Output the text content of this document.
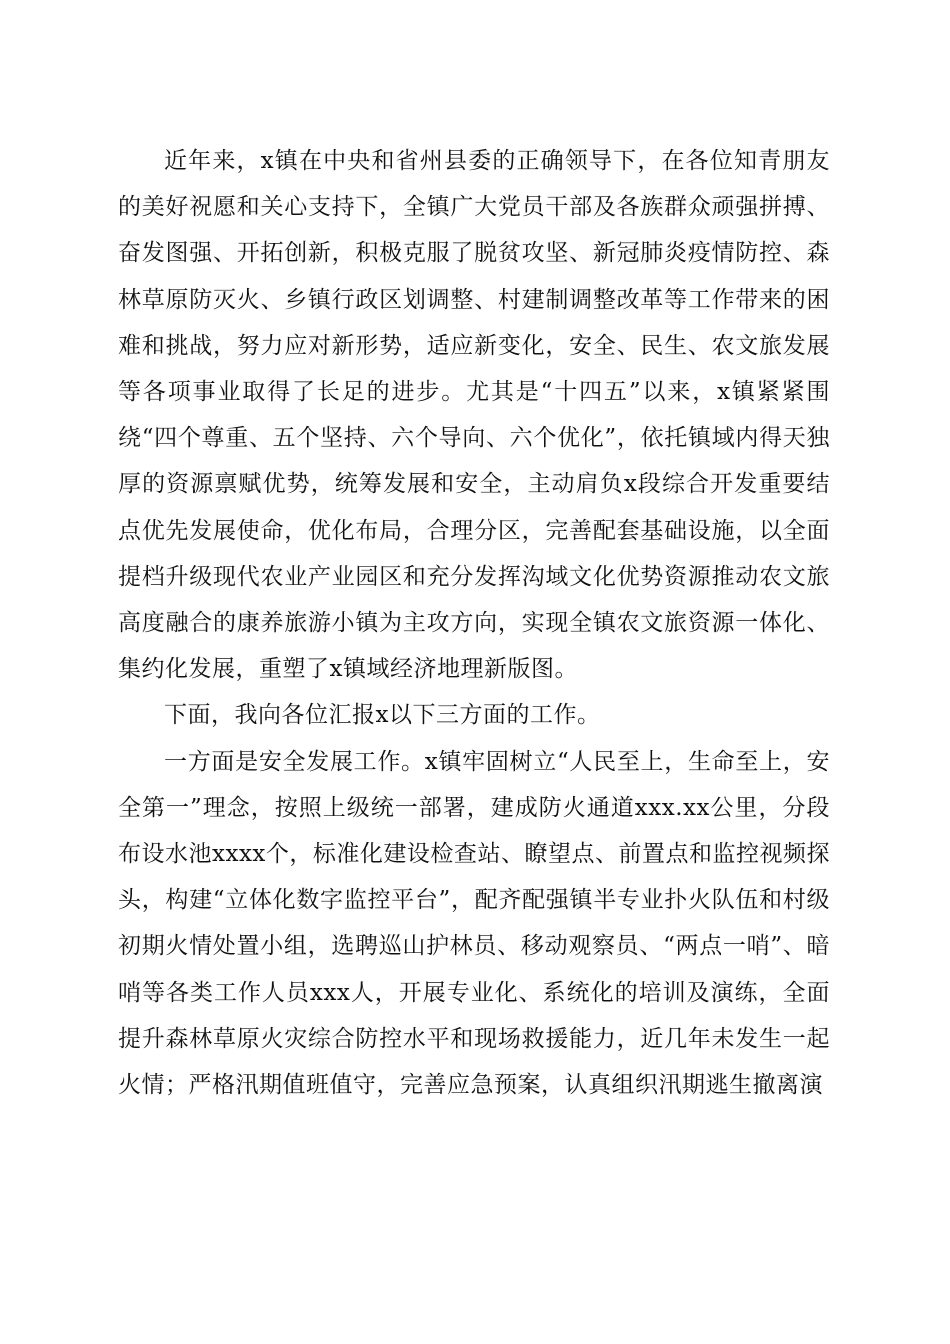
近年来，x镇在中央和省州县委的正确领导下，在各位知青朋友的美好祝愿和关心支持下，全镇广大党员干部及各族群众顽强拼搏、奋发图强、开拓创新，积极克服了脱贫攻坚、新冠肺炎疫情防控、森林草原防灭火、乡镇行政区划调整、村建制调整改革等工作带来的困难和挑战，努力应对新形势，适应新变化，安全、民生、农文旅发展等各项事业取得了长足的进步。尤其是“十四五”以来，x镇紧紧围绕“四个尊重、五个坚持、六个导向、六个优化”，依托镇域内得天独厚的资源禀赋优势，统筹发展和安全，主动肩负x段综合开发重要结点优先发展使命，优化布局，合理分区，完善配套基础设施，以全面提档升级现代农业产业园区和充分发挥沟域文化优势资源推动农文旅高度融合的康养旅游小镇为主攻方向，实现全镇农文旅资源一体化、集约化发展，重塑了x镇域经济地理新版图。

下面，我向各位汇报x以下三方面的工作。

一方面是安全发展工作。x镇牢固树立“人民至上，生命至上，安全第一”理念，按照上级统一部署，建成防火通道xxx.xx公里，分段布设水池xxxx个，标准化建设检查站、瞭望点、前置点和监控视频探头，构建“立体化数字监控平台”，配齐配强镇半专业扑火队伍和村级初期火情处置小组，选聘巡山护林员、移动观察员、“两点一哨”、暗哨等各类工作人员xxx人，开展专业化、系统化的培训及演练，全面提升森林草原火灾综合防控水平和现场救援能力，近几年未发生一起火情；严格汛期值班值守，完善应急预案，认真组织汛期逃生撤离演
